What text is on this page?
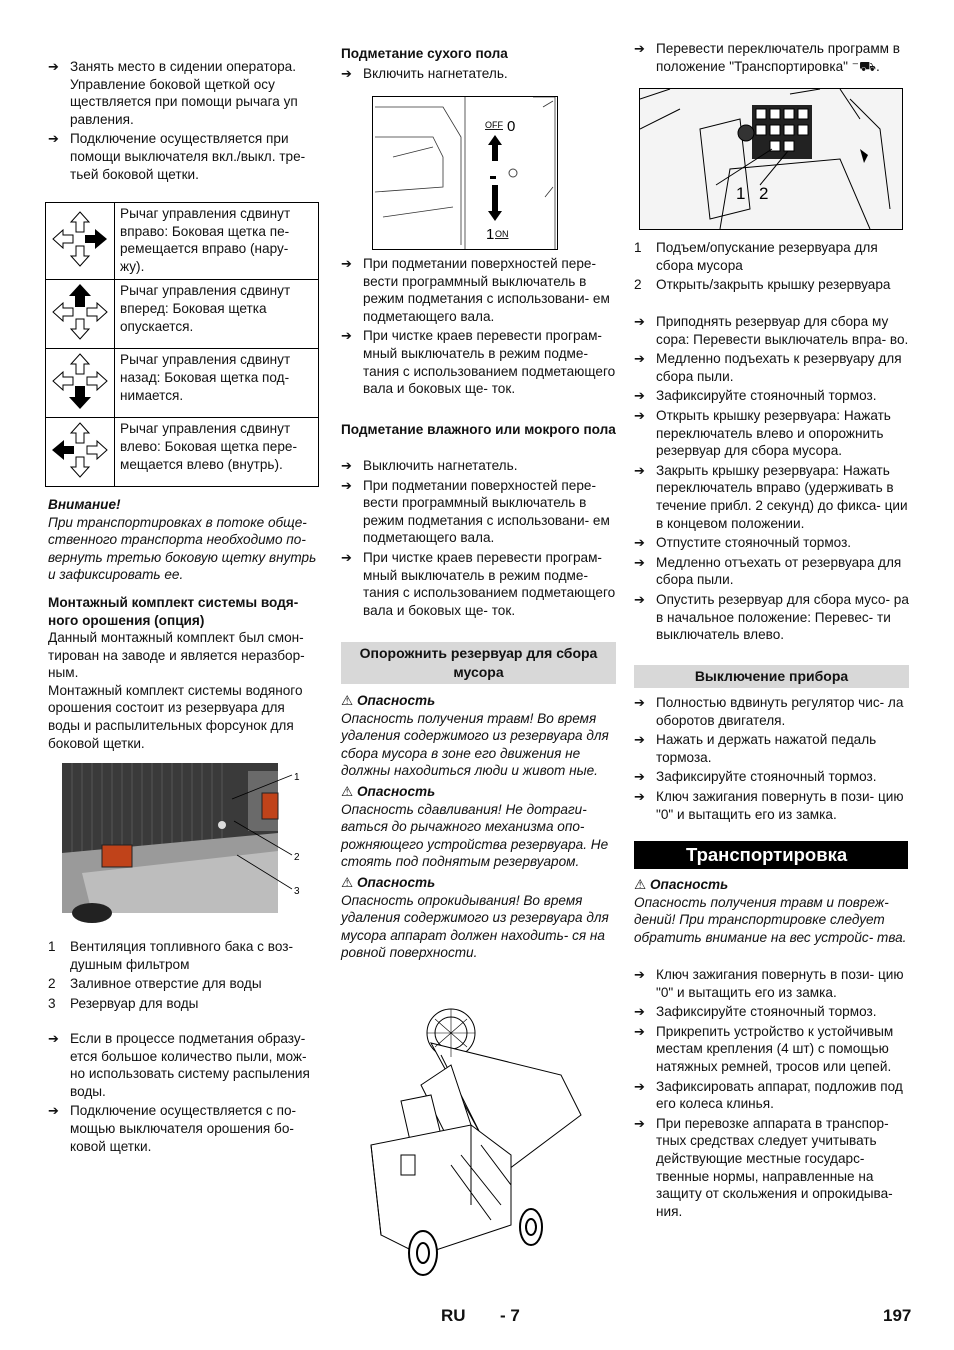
➔ Занять место в сидении оператора. Управление боковой щеткой осу ществляется при помощи рычага уп равления.
➔ Подключение осуществляется при помощи выключателя вкл./выкл. тре- тьей боковой щетки.
	Рычаг управления сдвинут вправо: Боковая щетка пе- ремещается вправо (нару- жу).
	Рычаг управления сдвинут вперед: Боковая щетка опускается.
	Рычаг управления сдвинут назад: Боковая щетка под- нимается.
	Рычаг управления сдвинут влево: Боковая щетка пере- мещается влево (внутрь).
Внимание!
При транспортировках в потоке обще- ственного транспорта необходимо по- вернуть третью боковую щетку внутрь и зафиксировать ее.
Монтажный комплект системы водя- ного орошения (опция)
Данный монтажный комплект был смон- тирован на заводе и является неразбор- ным.
Монтажный комплект системы водяного орошения состоит из резервуара для воды и распылительных форсунок для боковой щетки.
1
2
3
1 Вентиляция топливного бака с воз- душным фильтром
2 Заливное отверстие для воды
3 Резервуар для воды
➔ Если в процессе подметания образу- ется большое количество пыли, мож- но использовать систему распыления воды.
➔ Подключение осуществляется с по- мощью выключателя орошения бо- ковой щетки.
Подметание сухого пола
➔ Включить нагнетатель.
OFF 0
1 ON
➔ При подметании поверхностей пере- вести программный выключатель в режим подметания с использовани- ем подметающего вала.
➔ При чистке краев перевести програм- мный выключатель в режим подме- тания с использованием подметающего вала и боковых ще- ток.
Подметание влажного или мокрого пола
➔ Выключить нагнетатель.
➔ При подметании поверхностей пере- вести программный выключатель в режим подметания с использовани- ем подметающего вала.
➔ При чистке краев перевести програм- мный выключатель в режим подме- тания с использованием подметающего вала и боковых ще- ток.
Опорожнить резервуар для сбора мусора
⚠ Опасность
Опасность получения травм! Во время удаления содержимого из резервуара для сбора мусора в зоне его движения не должны находиться люди и живот ные.
⚠ Опасность
Опасность сдавливания! Не дотраги- ваться до рычажного механизма опо- рожняющего устройства резервуара. Не стоять под поднятым резервуаром.
⚠ Опасность
Опасность опрокидывания! Во время удаления содержимого из резервуара для мусора аппарат должен находить- ся на ровной поверхности.
➔ Перевести переключатель программ в положение "Транспортировка" ⁻⛟.
1 2
1 Подъем/опускание резервуара для сбора мусора
2 Открыть/закрыть крышку резервуара
➔ Приподнять резервуар для сбора му сора: Перевести выключатель впра- во.
➔ Медленно подъехать к резервуару для сбора пыли.
➔ Зафиксируйте стояночный тормоз.
➔ Открыть крышку резервуара: Нажать переключатель влево и опорожнить резервуар для сбора мусора.
➔ Закрыть крышку резервуара: Нажать переключатель вправо (удерживать в течение прибл. 2 секунд) до фикса- ции в концевом положении.
➔ Отпустите стояночный тормоз.
➔ Медленно отъехать от резервуара для сбора пыли.
➔ Опустить резервуар для сбора мусо- ра в начальное положение: Перевес- ти выключатель влево.
Выключение прибора
➔ Полностью вдвинуть регулятор чис- ла оборотов двигателя.
➔ Нажать и держать нажатой педаль тормоза.
➔ Зафиксируйте стояночный тормоз.
➔ Ключ зажигания повернуть в пози- цию "0" и вытащить его из замка.
Транспортировка
⚠ Опасность
Опасность получения травм и повреж- дений! При транспортировке следует обратить внимание на вес устройс- тва.
➔ Ключ зажигания повернуть в пози- цию "0" и вытащить его из замка.
➔ Зафиксируйте стояночный тормоз.
➔ Прикрепить устройство к устойчивым местам крепления (4 шт) с помощью натяжных ремней, тросов или цепей.
➔ Зафиксировать аппарат, подложив под его колеса клинья.
➔ При перевозке аппарата в транспор- тных средствах следует учитывать действующие местные государс- твенные нормы, направленные на защиту от скольжения и опрокидыва- ния.
RU - 7	197
